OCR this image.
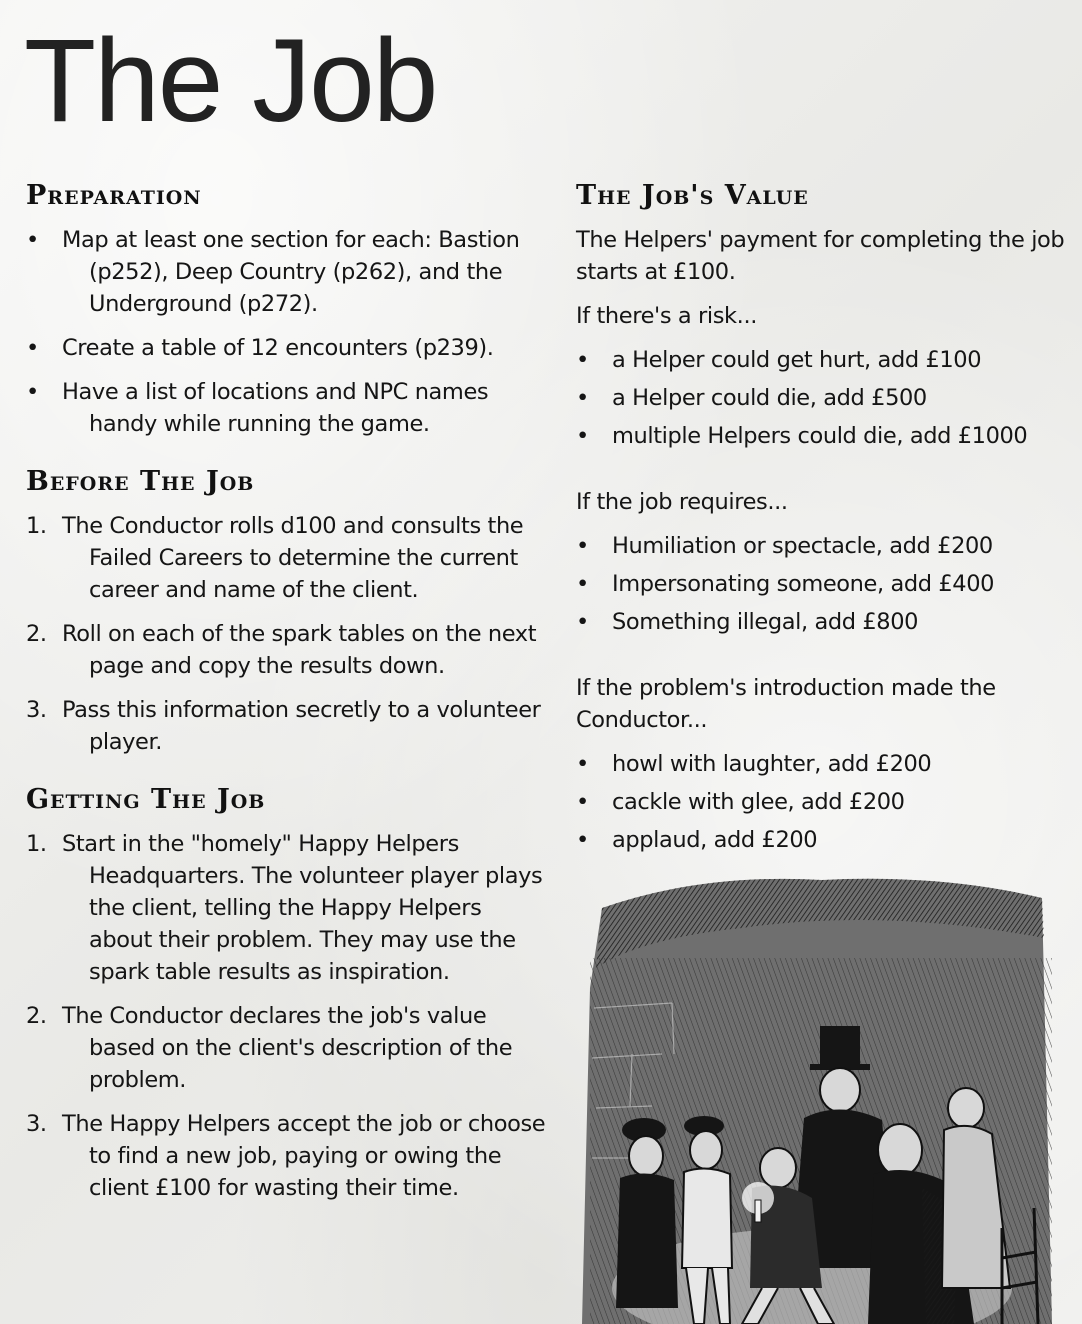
The Job
Preparation
•	Map at least one section for each: Bastion (p252), Deep Country (p262), and the Underground (p272).
•	Create a table of 12 encounters (p239).
•	Have a list of locations and NPC names handy while running the game.
Before The Job
1. The Conductor rolls d100 and consults the Failed Careers to determine the current career and name of the client.
2. Roll on each of the spark tables on the next page and copy the results down.
3. Pass this information secretly to a volunteer player.
Getting The Job
1. Start in the "homely" Happy Helpers Headquarters. The volunteer player plays the client, telling the Happy Helpers about their problem. They may use the spark table results as inspiration.
2. The Conductor declares the job's value based on the client's description of the problem.
3. The Happy Helpers accept the job or choose to find a new job, paying or owing the client £100 for wasting their time.
The Job's Value

The Helpers' payment for completing the job starts at £100.

If there's a risk...

•	a Helper could get hurt, add £100
•	a Helper could die, add £500
•	multiple Helpers could die, add £1000

If the job requires...

•	Humiliation or spectacle, add £200
•	Impersonating someone, add £400
•	Something illegal, add £800

If the problem's introduction made the Conductor...

•	howl with laughter, add £200
•	cackle with glee, add £200
•	applaud, add £200
